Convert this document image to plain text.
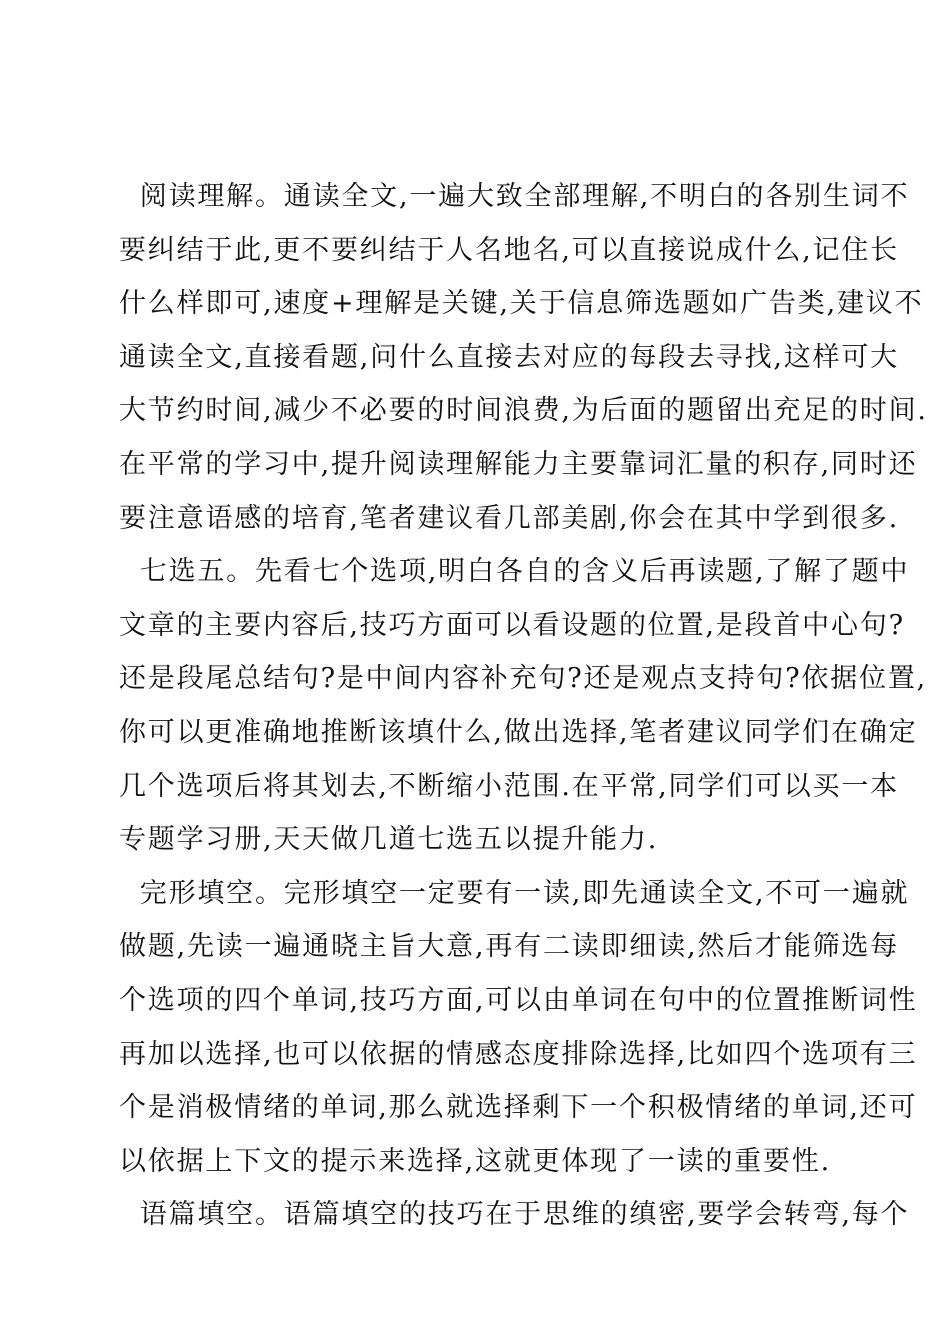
阅读理解。通读全文,一遍大致全部理解,不明白的各别生词不
要纠结于此,更不要纠结于人名地名,可以直接说成什么,记住长
什么样即可,速度+理解是关键,关于信息筛选题如广告类,建议不
通读全文,直接看题,问什么直接去对应的每段去寻找,这样可大
大节约时间,减少不必要的时间浪费,为后面的题留出充足的时间.
在平常的学习中,提升阅读理解能力主要靠词汇量的积存,同时还
要注意语感的培育,笔者建议看几部美剧,你会在其中学到很多.
七选五。先看七个选项,明白各自的含义后再读题,了解了题中
文章的主要内容后,技巧方面可以看设题的位置,是段首中心句?
还是段尾总结句?是中间内容补充句?还是观点支持句?依据位置,
你可以更准确地推断该填什么,做出选择,笔者建议同学们在确定
几个选项后将其划去,不断缩小范围.在平常,同学们可以买一本
专题学习册,天天做几道七选五以提升能力.
完形填空。完形填空一定要有一读,即先通读全文,不可一遍就
做题,先读一遍通晓主旨大意,再有二读即细读,然后才能筛选每
个选项的四个单词,技巧方面,可以由单词在句中的位置推断词性
再加以选择,也可以依据的情感态度排除选择,比如四个选项有三
个是消极情绪的单词,那么就选择剩下一个积极情绪的单词,还可
以依据上下文的提示来选择,这就更体现了一读的重要性.
语篇填空。语篇填空的技巧在于思维的缜密,要学会转弯,每个
